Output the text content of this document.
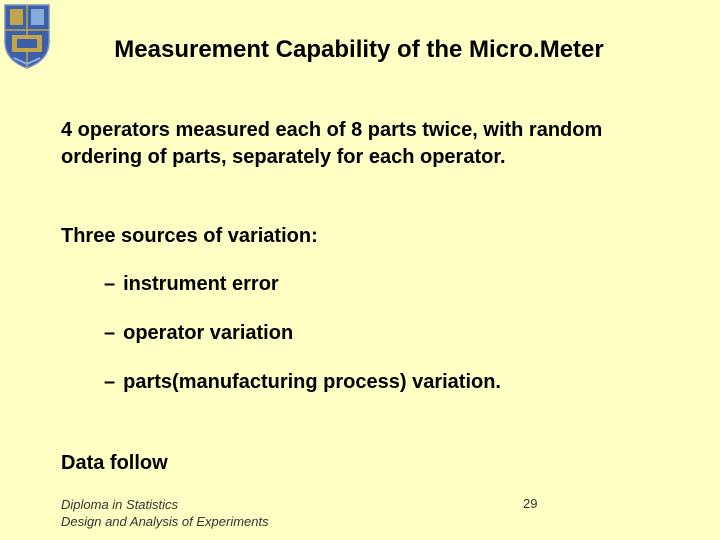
Measurement Capability of the Micro.Meter
4 operators measured each of 8 parts twice, with random ordering of parts, separately for each operator.
Three sources of variation:
– instrument error
– operator variation
– parts(manufacturing process) variation.
Data follow
Diploma in Statistics
Design and Analysis of Experiments
29
